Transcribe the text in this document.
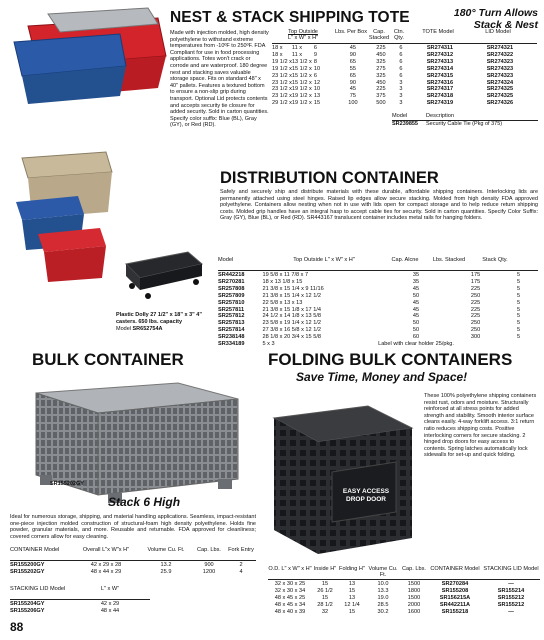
NEST & STACK SHIPPING TOTE	180° Turn Allows Stack & Nest
Made with injection molded, high density polyethylene to withstand extreme temperatures from -10ºF to 250ºF. FDA Compliant for use in food processing applications. Totes won't crack or corrode and are waterproof. 180 degree nest and stacking saves valuable storage space. Fits on standard 48" x 40" pallets. Features a textured bottom to ensure a non-slip grip during transport. Optional Lid protects contents and accepts security tie closure for added security. Sold in carton quantities. Specify color suffix: Blue (BL), Gray (GY), or Red (RD).
Top Outside
L" x W" x H"
Lbs. Per Box	Cap. Stacked
Ctn. Qty.
TOTE Model	LID Model
18 x	11 x	6	45	225	6	SR274311	SR274321
18 x	11 x	9	90	450	6	SR274312	SR274322
19 1/2 x	13 1/2 x	8	65	325	6	SR274313	SR274323
19 1/2 x	15 1/2 x	10	55	275	6	SR274314	SR274323
23 1/2 x	15 1/2 x	6	65	325	6	SR274315	SR274323
23 1/2 x	15 1/2 x	12	90	450	3	SR274316	SR274324
23 1/2 x	19 1/2 x	10	45	225	3	SR274317	SR274325
23 1/2 x	19 1/2 x	13	75	375	3	SR274318	SR274325
29 1/2 x	19 1/2 x	15	100	500	3	SR274319	SR274326
Model	Description
SR239855	Security Cable Tie (Pkg of 375)
DISTRIBUTION CONTAINER
Safely and securely ship and distribute materials with these durable, affordable shipping containers. Interlocking lids are permanently attached using steel hinges. Raised lip edges allow secure stacking. Molded from high density FDA approved polyethylene. Containers allow nesting when not in use with lids open for compact storage and to help reduce return shipping costs. Molded grip handles have an integral hasp to accept cable ties for security. Sold in carton quantities. Specify Color Suffix: Gray (GY), Blue (BL), or Red (RD). SR443167 translucent container includes metal rails for hanging folders.
Plastic Dolly 27 1/2" x 18" x 3" 4" casters. 650 lbs. capacity
Model SR652754A
Model	Top Outside L" x W" x H"	Cap. Alcne	Lbs. Stacked	Stack Qty.
SR442218	19 5/8 x 11 7/8 x 7	35	175	5
SR270281	18 x 13 1/8 x 15	35	175	5
SR257808	21 3/8 x 15 1/4 x 9 11/16	45	225	5
SR257809	21 3/8 x 15 1/4 x 12 1/2	50	250	5
SR257810	22 5/8 x 13 x 13	45	225	5
SR257811	21 3/8 x 15 1/8 x 17 1/4	45	225	5
SR257812	24 1/2 x 14 1/8 x 13 5/8	45	225	5
SR257813	23 5/8 x 19 1/4 x 12 1/2	50	250	5
SR257814	27 3/8 x 16 5/8 x 12 1/2	50	250	5
SR238148	28 1/8 x 20 3/4 x 15 5/8	60	300	5
SR334189	5 x 3	Label with clear holder 25/pkg.		
BULK CONTAINER
SR155202GY
Stack 6 High
Ideal for numerous storage, shipping, and material handling applications. Seamless, impact-resistant one-piece injection molded construction of structural-foam high density polyethylene. Holds fine powder, granular materials, and more. Reusable and returnable. FDA approved for cleanliness; covered corners allow for easy cleaning.
CONTAINER Model	Overall L"x W"x H"	Volume Cu. Ft.	Cap. Lbs.	Fork Entry
SR155200GY	42 x 29 x 28	13.2	900	2
SR155202GY	48 x 44 x 29	25.9	1200	4
STACKING LID Model	L" x W"
SR155204GY	42 x 29
SR155206GY	48 x 44
88
FOLDING BULK CONTAINERS
Save Time, Money and Space!
EASY ACCESS DROP DOOR
These 100% polyethylene shipping containers resist rust, odors and moisture. Structurally reinforced at all stress points for added strength and stability. Smooth interior surface cleans easily. 4-way forklift access. 3:1 return ratio reduces shipping costs. Positive interlocking corners for secure stacking. 2 hinged drop doors for easy access to contents. Spring latches automatically lock sidewalls for set-up and quick folding.
O.D. L" x W" x H" Inside H" Folding H" Volume Cu. Ft.
Cap. Lbs. CONTAINER Model STACKING LID Model
32 x 30 x 25	15	13	10.0	1500	SR270284	—
32 x 30 x 34	26 1/2	15	13.3	1800	SR155208	SR155214
48 x 45 x 25	15	13	19.0	1500	SR156215A	SR155212
48 x 45 x 34	28 1/2	12 1/4	28.5	2000	SR442211A	SR155212
48 x 40 x 39	32	15	30.2	1600	SR155218	—
